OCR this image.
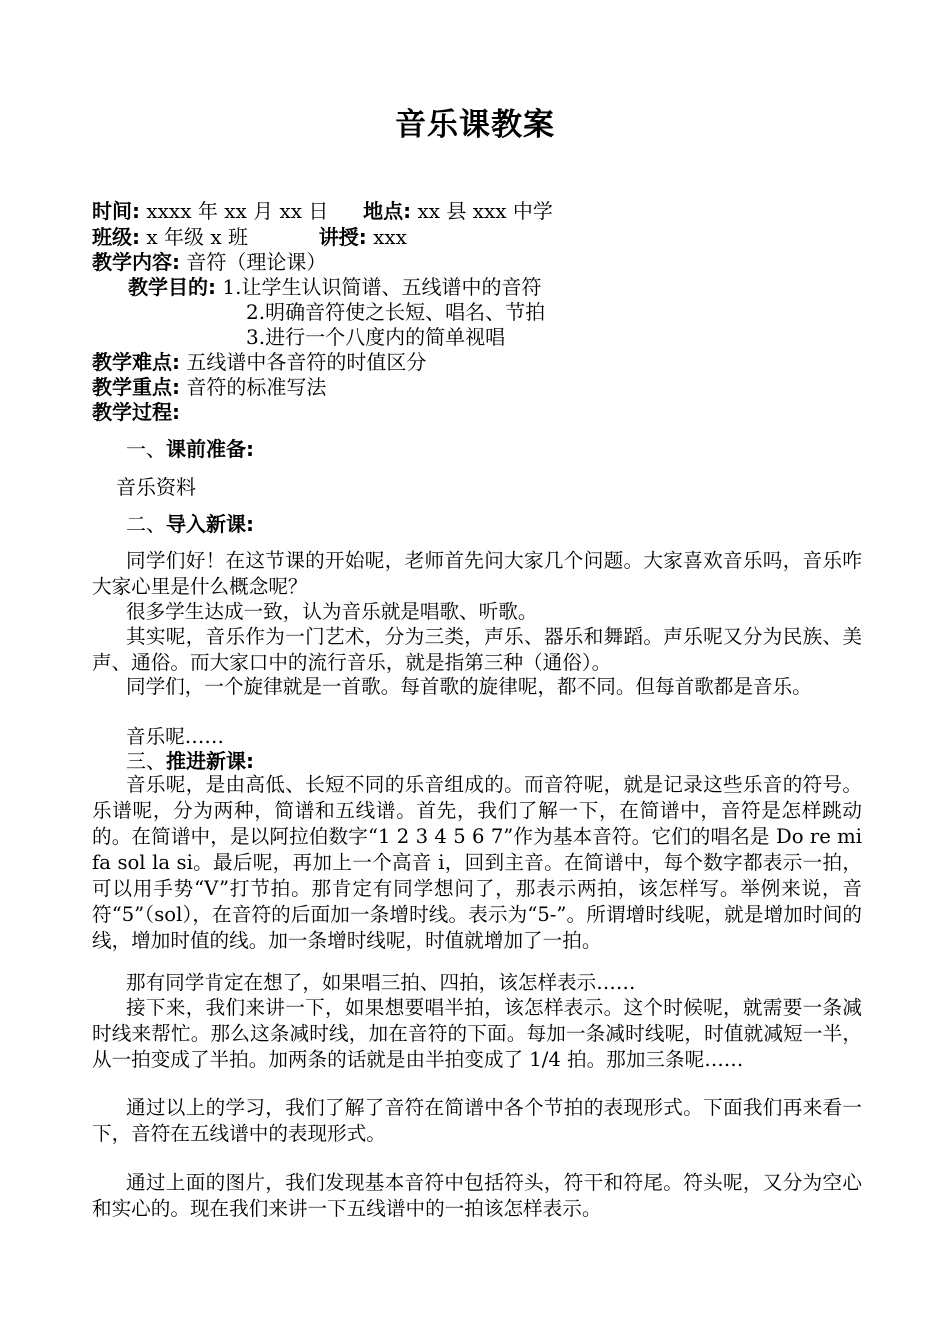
音乐课教案
时间: xxxx 年 xx 月 xx 日 地点: xx 县 xxx 中学
班级: x 年级 x 班	讲授: xxx
教学内容: 音符（理论课）
教学目的: 1.让学生认识简谱、五线谱中的音符
2.明确音符使之长短、唱名、节拍
3.进行一个八度内的简单视唱
教学难点: 五线谱中各音符的时值区分
教学重点: 音符的标准写法
教学过程:
一、课前准备:
音乐资料
二、导入新课:
同学们好！在这节课的开始呢，老师首先问大家几个问题。大家喜欢音乐吗，音乐咋大家心里是什么概念呢？
很多学生达成一致，认为音乐就是唱歌、听歌。
其实呢，音乐作为一门艺术，分为三类，声乐、器乐和舞蹈。声乐呢又分为民族、美声、通俗。而大家口中的流行音乐，就是指第三种（通俗）。
同学们，一个旋律就是一首歌。每首歌的旋律呢，都不同。但每首歌都是音乐。
音乐呢……
三、推进新课:
音乐呢，是由高低、长短不同的乐音组成的。而音符呢，就是记录这些乐音的符号。乐谱呢，分为两种，简谱和五线谱。首先，我们了解一下，在简谱中，音符是怎样跳动的。在简谱中，是以阿拉伯数字“1 2 3 4 5 6 7”作为基本音符。它们的唱名是 Do re mi fa sol la si。最后呢，再加上一个高音 i，回到主音。在简谱中，每个数字都表示一拍，可以用手势“V”打节拍。那肯定有同学想问了，那表示两拍，该怎样写。举例来说，音符“5”（sol），在音符的后面加一条增时线。表示为“5-”。所谓增时线呢，就是增加时间的线，增加时值的线。加一条增时线呢，时值就增加了一拍。
那有同学肯定在想了，如果唱三拍、四拍，该怎样表示……
接下来，我们来讲一下，如果想要唱半拍，该怎样表示。这个时候呢，就需要一条减时线来帮忙。那么这条减时线，加在音符的下面。每加一条减时线呢，时值就减短一半，从一拍变成了半拍。加两条的话就是由半拍变成了 1/4 拍。那加三条呢……
通过以上的学习，我们了解了音符在简谱中各个节拍的表现形式。下面我们再来看一下，音符在五线谱中的表现形式。
通过上面的图片，我们发现基本音符中包括符头，符干和符尾。符头呢，又分为空心和实心的。现在我们来讲一下五线谱中的一拍该怎样表示。
